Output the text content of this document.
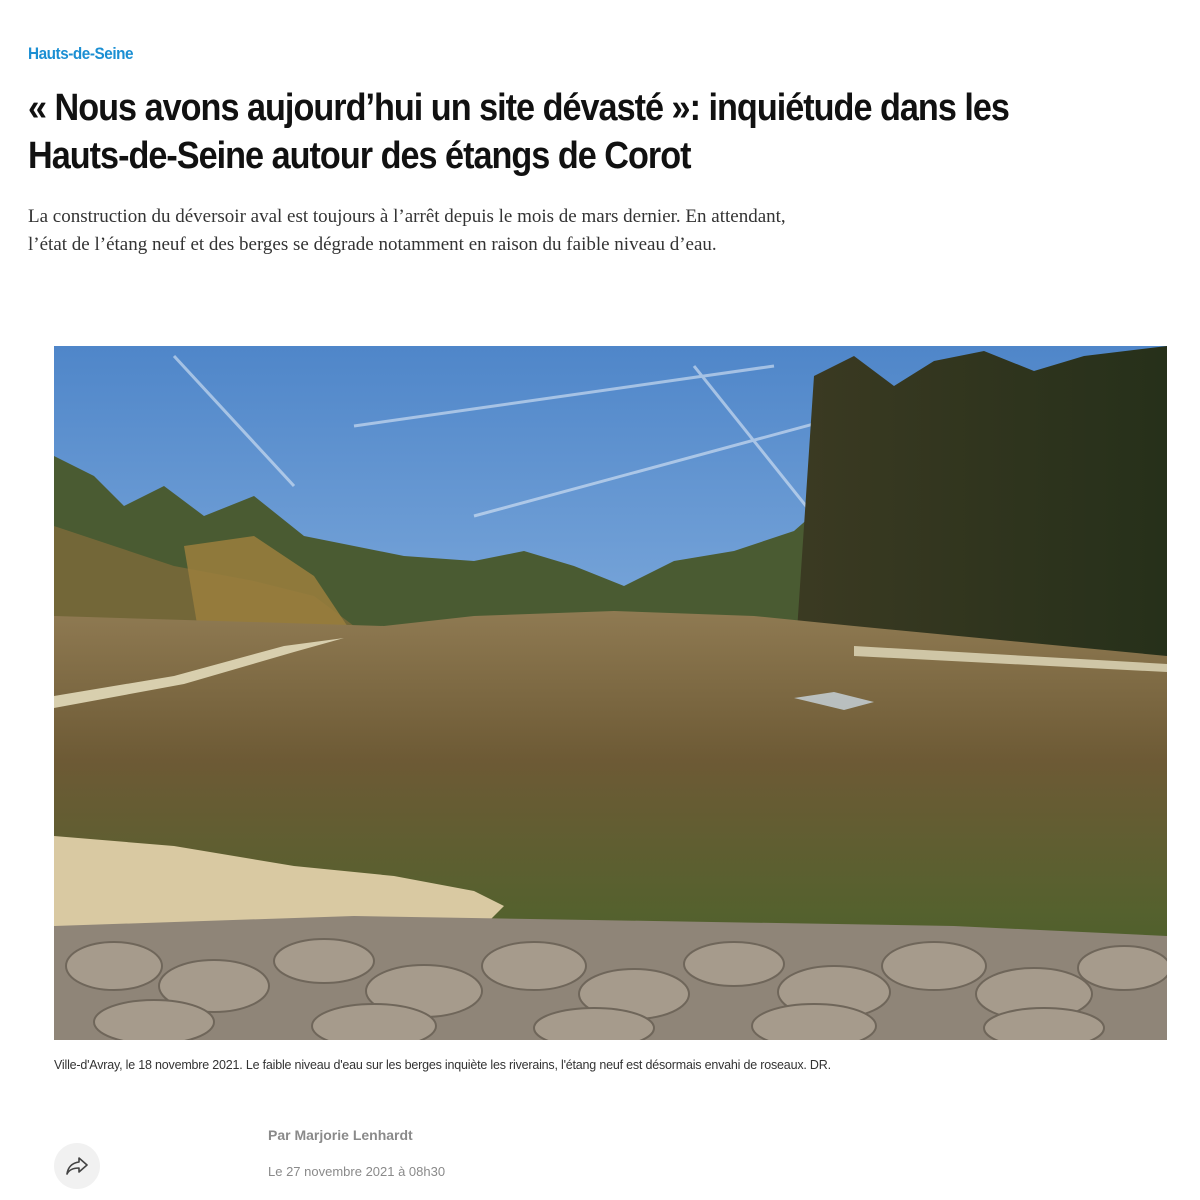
Hauts-de-Seine
« Nous avons aujourd’hui un site dévasté »: inquiétude dans les Hauts-de-Seine autour des étangs de Corot

La construction du déversoir aval est toujours à l’arrêt depuis le mois de mars dernier. En attendant, l’état de l’étang neuf et des berges se dégrade notamment en raison du faible niveau d’eau.

Ville-d'Avray, le 18 novembre 2021. Le faible niveau d'eau sur les berges inquiète les riverains, l'étang neuf est désormais envahi de roseaux. DR.

Par Marjorie Lenhardt

Le 27 novembre 2021 à 08h30
